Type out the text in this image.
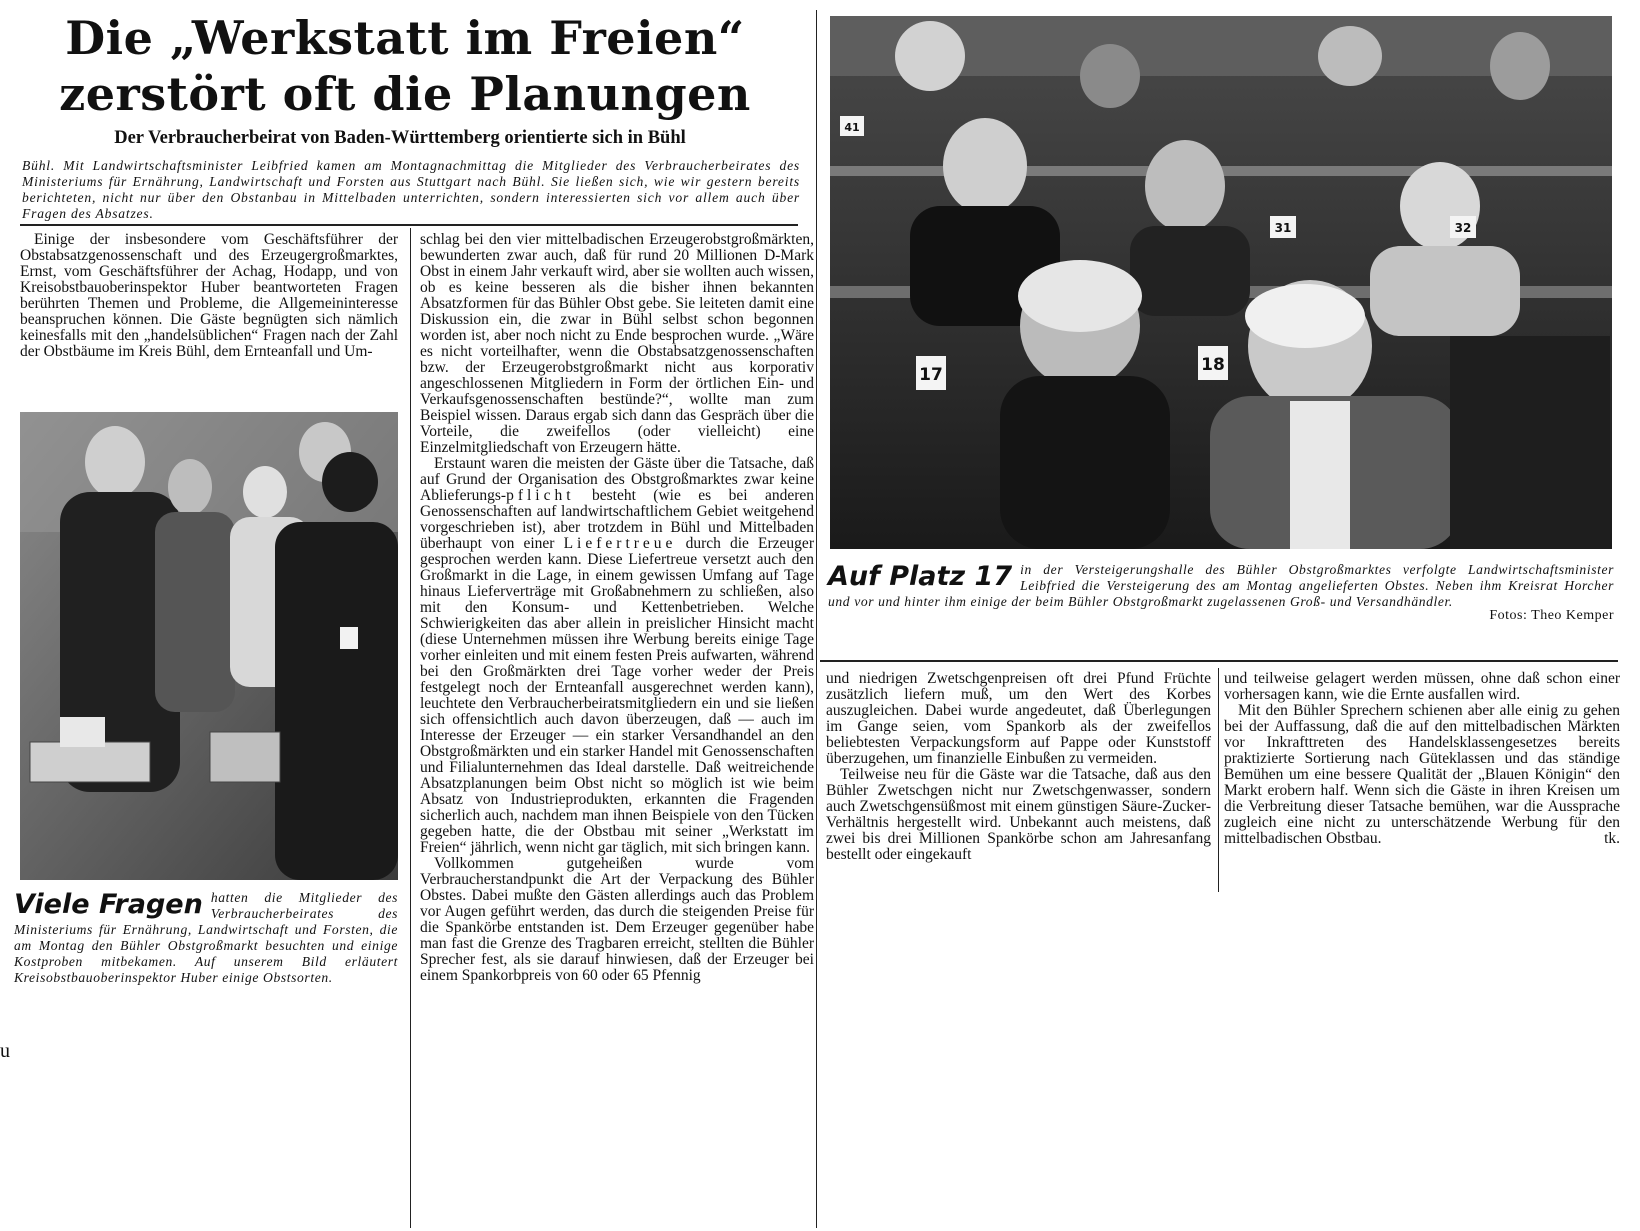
Die „Werkstatt im Freien“
zerstört oft die Planungen
Der Verbraucherbeirat von Baden-Württemberg orientierte sich in Bühl
Bühl. Mit Landwirtschaftsminister Leibfried kamen am Montagnachmittag die Mitglieder des Verbraucherbeirates des Ministeriums für Ernährung, Landwirtschaft und Forsten aus Stuttgart nach Bühl. Sie ließen sich, wie wir gestern bereits berichteten, nicht nur über den Obstanbau in Mittelbaden unterrichten, sondern interessierten sich vor allem auch über Fragen des Absatzes.

Einige der insbesondere vom Geschäftsführer der Obstabsatzgenossenschaft und des Erzeugergroßmarktes, Ernst, vom Geschäftsführer der Achag, Hodapp, und von Kreisobstbauoberinspektor Huber beantworteten Fragen berührten Themen und Probleme, die Allgemeininteresse beanspruchen können. Die Gäste begnügten sich nämlich keinesfalls mit den „handelsüblichen“ Fragen nach der Zahl der Obstbäume im Kreis Bühl, dem Ernteanfall und Um-

Viele Fragen hatten die Mitglieder des Verbraucherbeirates des Ministeriums für Ernährung, Landwirtschaft und Forsten, die am Montag den Bühler Obstgroßmarkt besuchten und einige Kostproben mitbekamen. Auf unserem Bild erläutert Kreisobstbauoberinspektor Huber einige Obstsorten.
u

schlag bei den vier mittelbadischen Erzeugerobstgroßmärkten, bewunderten zwar auch, daß für rund 20 Millionen D-Mark Obst in einem Jahr verkauft wird, aber sie wollten auch wissen, ob es keine besseren als die bisher ihnen bekannten Absatzformen für das Bühler Obst gebe. Sie leiteten damit eine Diskussion ein, die zwar in Bühl selbst schon begonnen worden ist, aber noch nicht zu Ende besprochen wurde. „Wäre es nicht vorteilhafter, wenn die Obstabsatzgenossenschaften bzw. der Erzeugerobstgroßmarkt nicht aus korporativ angeschlossenen Mitgliedern in Form der örtlichen Ein- und Verkaufsgenossenschaften bestünde?“, wollte man zum Beispiel wissen. Daraus ergab sich dann das Gespräch über die Vorteile, die zweifellos (oder vielleicht) eine Einzelmitgliedschaft von Erzeugern hätte.

Erstaunt waren die meisten der Gäste über die Tatsache, daß auf Grund der Organisation des Obstgroßmarktes zwar keine Ablieferungs-pflicht besteht (wie es bei anderen Genossenschaften auf landwirtschaftlichem Gebiet weitgehend vorgeschrieben ist), aber trotzdem in Bühl und Mittelbaden überhaupt von einer Liefertreue durch die Erzeuger gesprochen werden kann. Diese Liefertreue versetzt auch den Großmarkt in die Lage, in einem gewissen Umfang auf Tage hinaus Lieferverträge mit Großabnehmern zu schließen, also mit den Konsum- und Kettenbetrieben. Welche Schwierigkeiten das aber allein in preislicher Hinsicht macht (diese Unternehmen müssen ihre Werbung bereits einige Tage vorher einleiten und mit einem festen Preis aufwarten, während bei den Großmärkten drei Tage vorher weder der Preis festgelegt noch der Ernteanfall ausgerechnet werden kann), leuchtete den Verbraucherbeiratsmitgliedern ein und sie ließen sich offensichtlich auch davon überzeugen, daß — auch im Interesse der Erzeuger — ein starker Versandhandel an den Obstgroßmärkten und ein starker Handel mit Genossenschaften und Filialunternehmen das Ideal darstelle. Daß weitreichende Absatzplanungen beim Obst nicht so möglich ist wie beim Absatz von Industrieprodukten, erkannten die Fragenden sicherlich auch, nachdem man ihnen Beispiele von den Tücken gegeben hatte, die der Obstbau mit seiner „Werkstatt im Freien“ jährlich, wenn nicht gar täglich, mit sich bringen kann.

Vollkommen gutgeheißen wurde vom Verbraucherstandpunkt die Art der Verpackung des Bühler Obstes. Dabei mußte den Gästen allerdings auch das Problem vor Augen geführt werden, das durch die steigenden Preise für die Spankörbe entstanden ist. Dem Erzeuger gegenüber habe man fast die Grenze des Tragbaren erreicht, stellten die Bühler Sprecher fest, als sie darauf hinwiesen, daß der Erzeuger bei einem Spankorbpreis von 60 oder 65 Pfennig

17	18
31	32
41
Auf Platz 17 in der Versteigerungshalle des Bühler Obstgroßmarktes verfolgte Landwirtschaftsminister Leibfried die Versteigerung des am Montag angelieferten Obstes. Neben ihm Kreisrat Horcher und vor und hinter ihm einige der beim Bühler Obstgroßmarkt zugelassenen Groß- und Versandhändler.
Fotos: Theo Kemper

und niedrigen Zwetschgenpreisen oft drei Pfund Früchte zusätzlich liefern muß, um den Wert des Korbes auszugleichen. Dabei wurde angedeutet, daß Überlegungen im Gange seien, vom Spankorb als der zweifellos beliebtesten Verpackungsform auf Pappe oder Kunststoff überzugehen, um finanzielle Einbußen zu vermeiden.

Teilweise neu für die Gäste war die Tatsache, daß aus den Bühler Zwetschgen nicht nur Zwetschgenwasser, sondern auch Zwetschgensüßmost mit einem günstigen Säure-Zucker-Verhältnis hergestellt wird. Unbekannt auch meistens, daß zwei bis drei Millionen Spankörbe schon am Jahresanfang bestellt oder eingekauft

und teilweise gelagert werden müssen, ohne daß schon einer vorhersagen kann, wie die Ernte ausfallen wird.

Mit den Bühler Sprechern schienen aber alle einig zu gehen bei der Auffassung, daß die auf den mittelbadischen Märkten vor Inkrafttreten des Handelsklassengesetzes bereits praktizierte Sortierung nach Güteklassen und das ständige Bemühen um eine bessere Qualität der „Blauen Königin“ den Markt erobern half. Wenn sich die Gäste in ihren Kreisen um die Verbreitung dieser Tatsache bemühen, war die Aussprache zugleich eine nicht zu unterschätzende Werbung für den mittelbadischen Obstbau.	tk.
